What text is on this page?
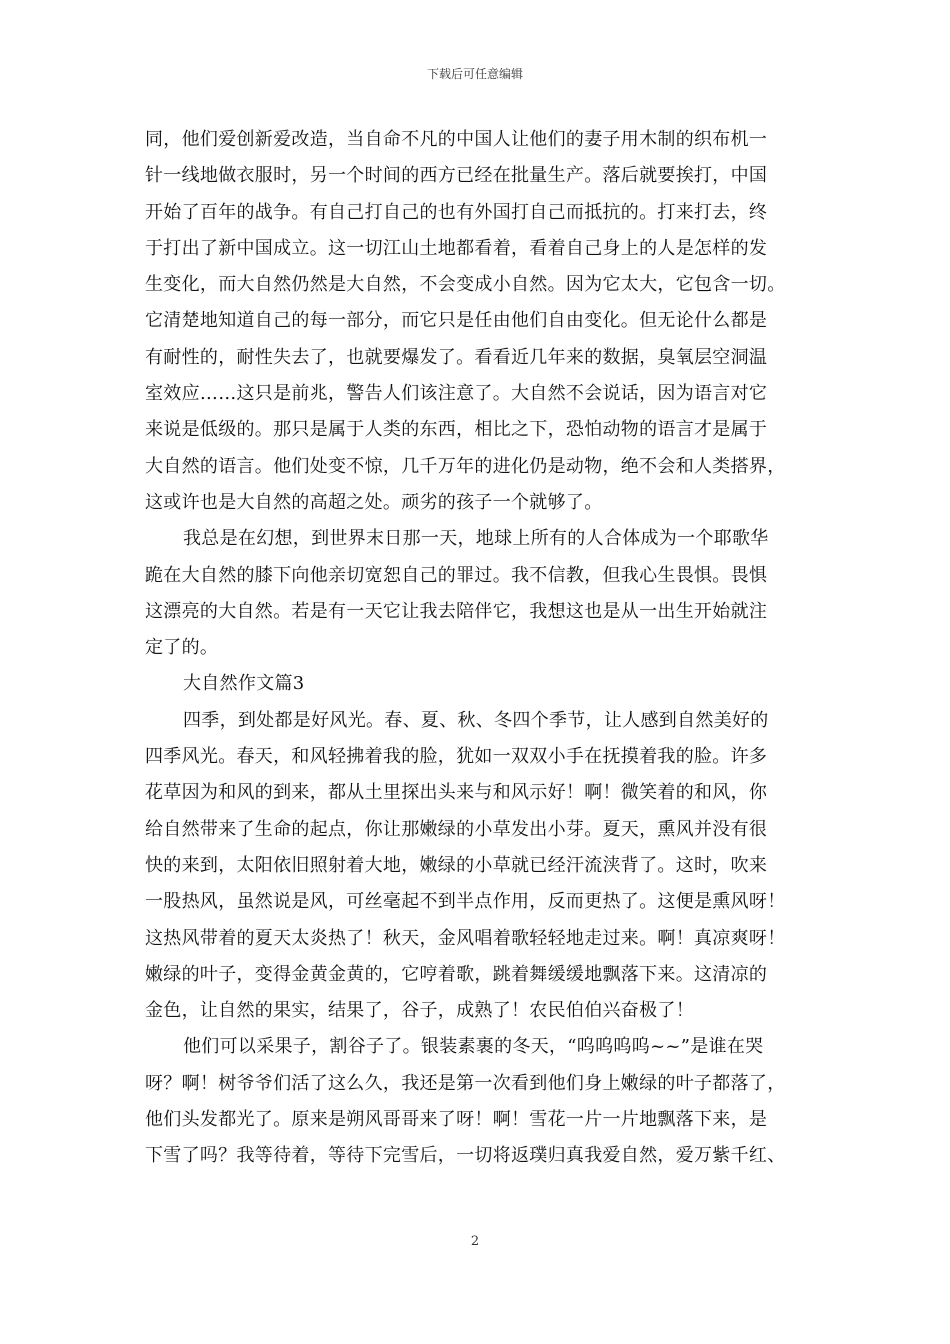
下载后可任意编辑
同，他们爱创新爱改造，当自命不凡的中国人让他们的妻子用木制的织布机一
针一线地做衣服时，另一个时间的西方已经在批量生产。落后就要挨打，中国
开始了百年的战争。有自己打自己的也有外国打自己而抵抗的。打来打去，终
于打出了新中国成立。这一切江山土地都看着，看着自己身上的人是怎样的发
生变化，而大自然仍然是大自然，不会变成小自然。因为它太大，它包含一切。
它清楚地知道自己的每一部分，而它只是任由他们自由变化。但无论什么都是
有耐性的，耐性失去了，也就要爆发了。看看近几年来的数据，臭氧层空洞温
室效应……这只是前兆，警告人们该注意了。大自然不会说话，因为语言对它
来说是低级的。那只是属于人类的东西，相比之下，恐怕动物的语言才是属于
大自然的语言。他们处变不惊，几千万年的进化仍是动物，绝不会和人类搭界，
这或许也是大自然的高超之处。顽劣的孩子一个就够了。
我总是在幻想，到世界末日那一天，地球上所有的人合体成为一个耶歌华
跪在大自然的膝下向他亲切宽恕自己的罪过。我不信教，但我心生畏惧。畏惧
这漂亮的大自然。若是有一天它让我去陪伴它，我想这也是从一出生开始就注
定了的。
大自然作文篇3
四季，到处都是好风光。春、夏、秋、冬四个季节，让人感到自然美好的
四季风光。春天，和风轻拂着我的脸，犹如一双双小手在抚摸着我的脸。许多
花草因为和风的到来，都从土里探出头来与和风示好！啊！微笑着的和风，你
给自然带来了生命的起点，你让那嫩绿的小草发出小芽。夏天，熏风并没有很
快的来到，太阳依旧照射着大地，嫩绿的小草就已经汗流浃背了。这时，吹来
一股热风，虽然说是风，可丝毫起不到半点作用，反而更热了。这便是熏风呀！
这热风带着的夏天太炎热了！秋天，金风唱着歌轻轻地走过来。啊！真凉爽呀！
嫩绿的叶子，变得金黄金黄的，它哼着歌，跳着舞缓缓地飘落下来。这清凉的
金色，让自然的果实，结果了，谷子，成熟了！农民伯伯兴奋极了！
他们可以采果子，割谷子了。银装素裹的冬天，“呜呜呜呜~~”是谁在哭
呀？啊！树爷爷们活了这么久，我还是第一次看到他们身上嫩绿的叶子都落了，
他们头发都光了。原来是朔风哥哥来了呀！啊！雪花一片一片地飘落下来，是
下雪了吗？我等待着，等待下完雪后，一切将返璞归真我爱自然，爱万紫千红、
2
